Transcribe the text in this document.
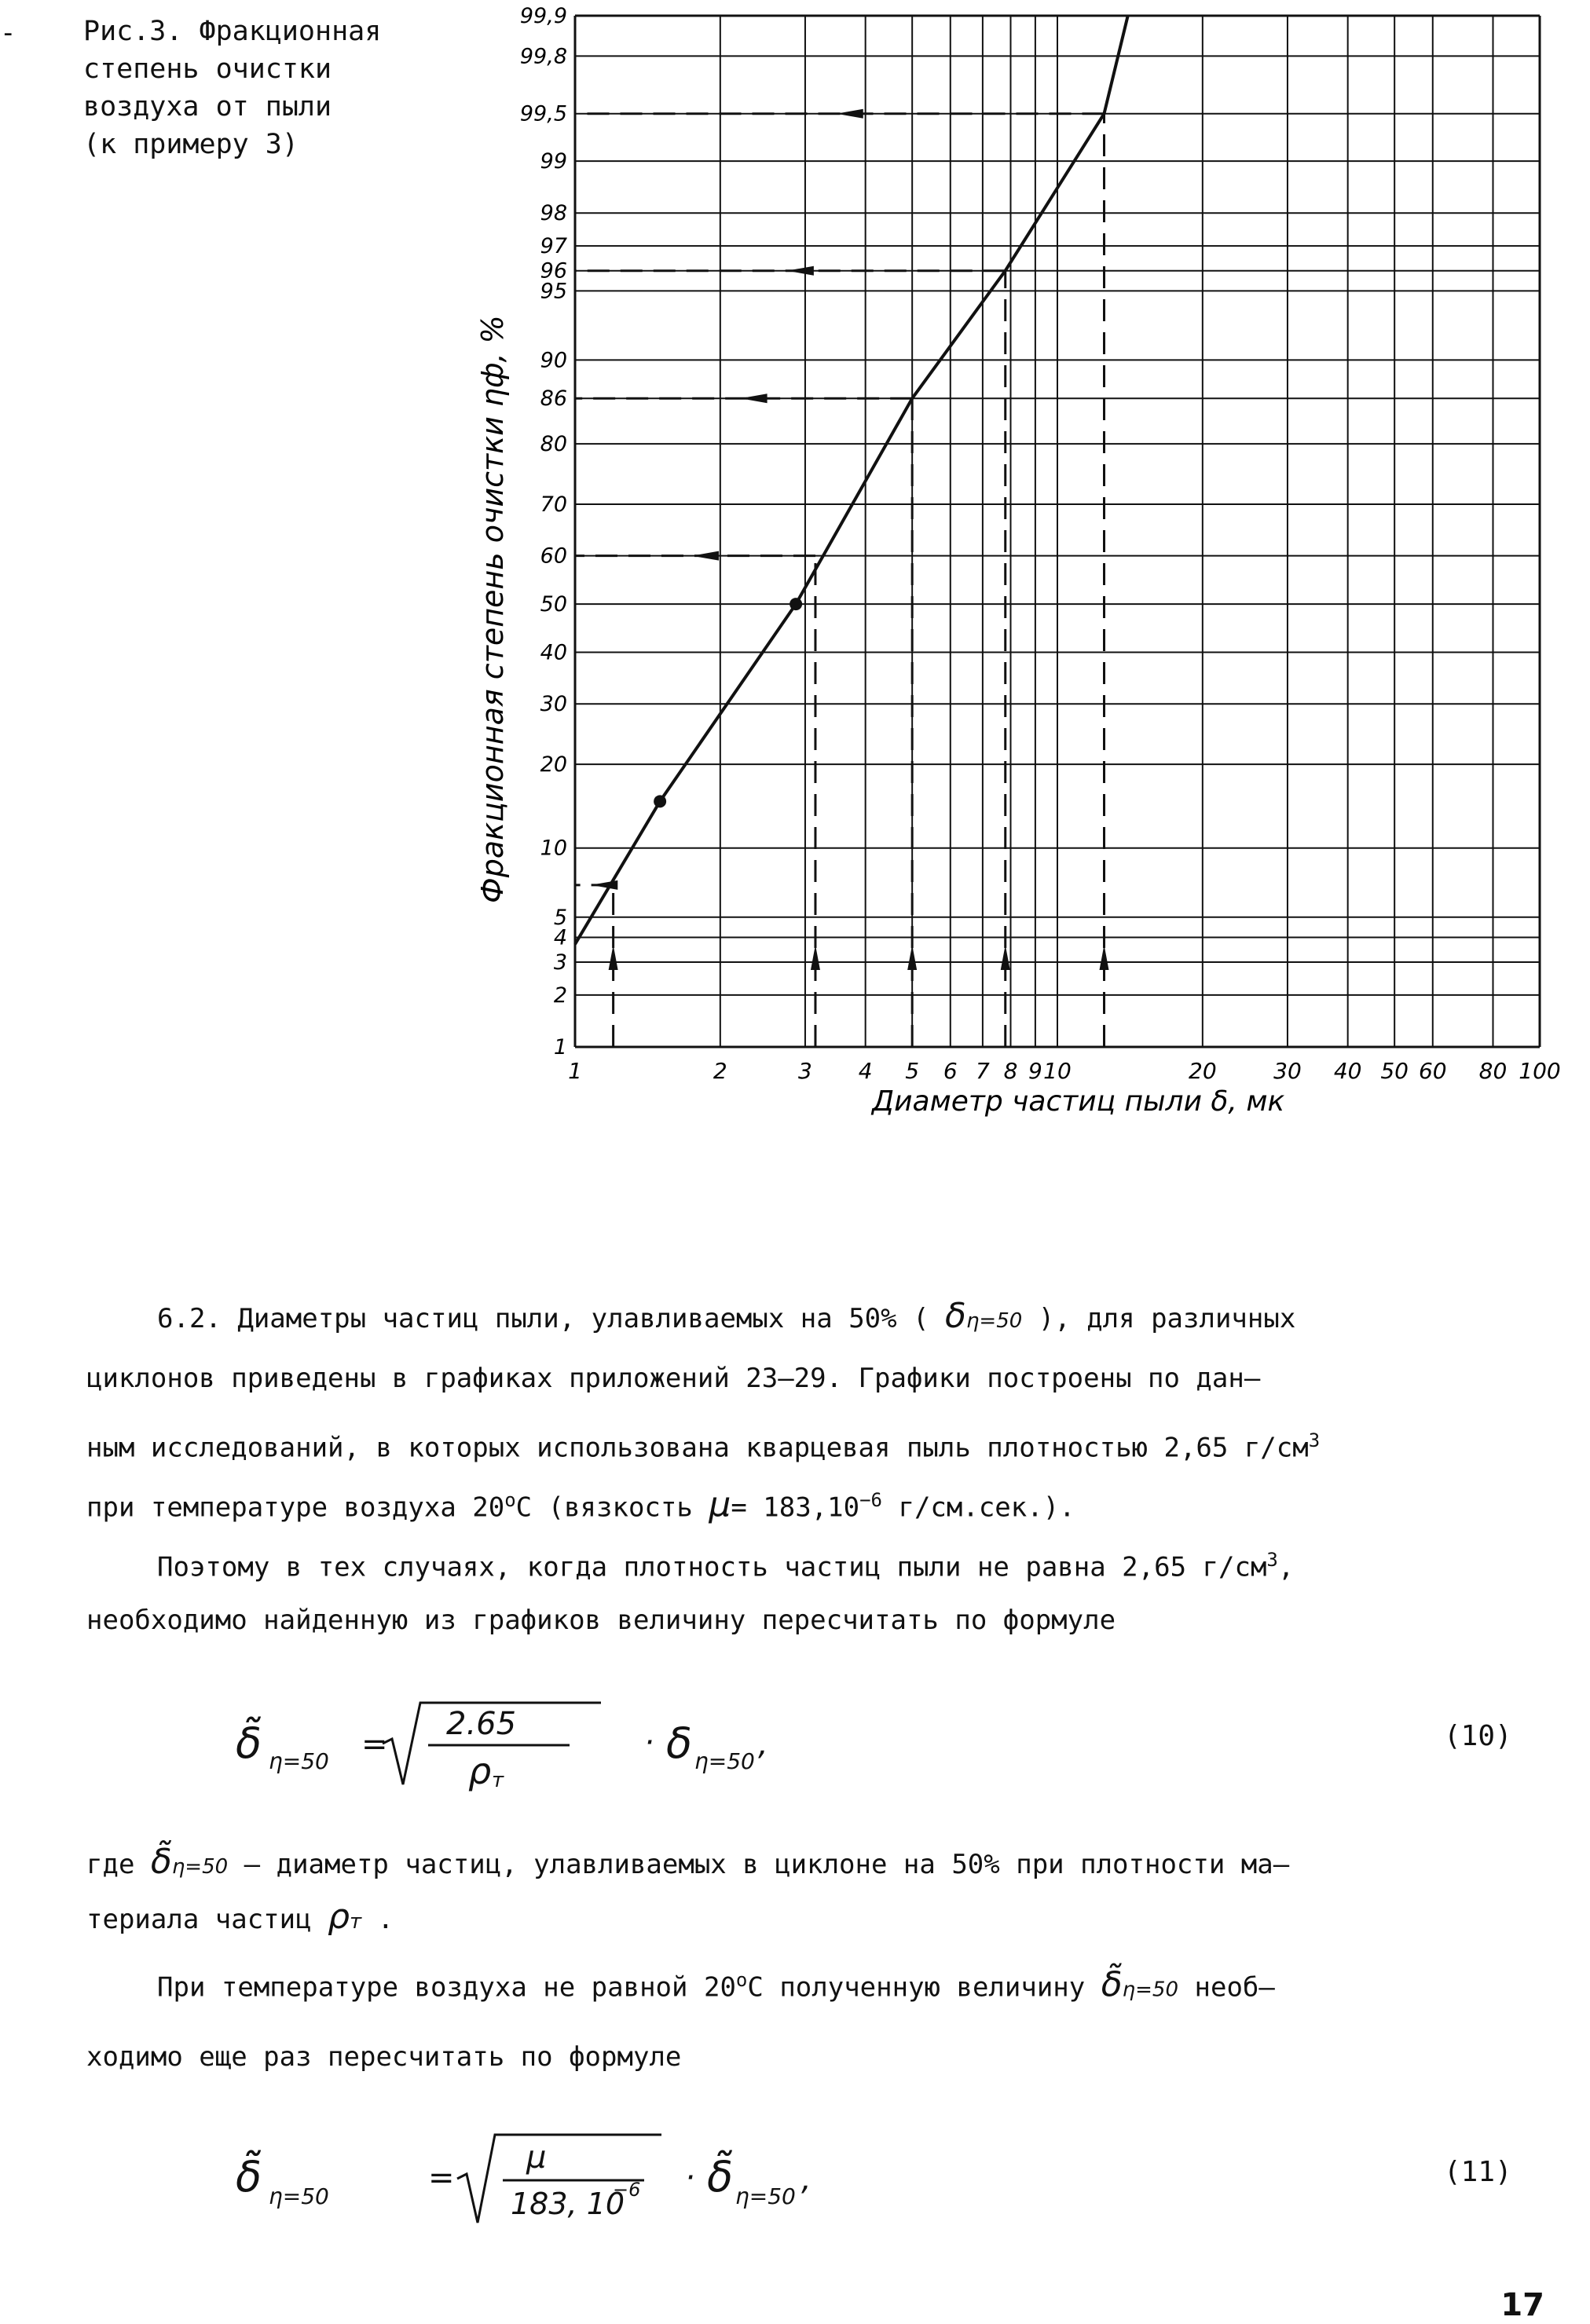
- Рис.3. Фракционная
степень очистки
воздуха от пыли
(к примеру 3)
1	2	3 4 5 6 7 8 9 10	20	30 40 50 60 80 100
1
2
3
4
5
10
20
30
40
50
60
70
80
86
90
95
96
97
98
99
99,5
99,8
99,9
Диаметр частиц пыли δ, мк
Фракционная степень очистки ηф, %
6.2. Диаметры частиц пыли, улавливаемых на 50% ( δη=50 ), для различных
циклонов приведены в графиках приложений 23–29. Графики построены по дан–
ным исследований, в которых использована кварцевая пыль плотностью 2,65 $г/см^3$
при температуре воздуха $20^оС$ (вязкость $\mu= 183,10^{-6}$ г/см.сек.).
Поэтому в тех случаях, когда плотность частиц пыли не равна 2,65 $г/см^3$,
необходимо найденную из графиков величину пересчитать по формуле
δ̃ η=50 =
2.65
ρ т
· δ η=50 ,	(10)
где δ̃η=50 – диаметр частиц, улавливаемых в циклоне на 50% при плотности ма–
териала частиц ρт .
При температуре воздуха не равной $20^оС$ полученную величину δ̃η=50 необ–
ходимо еще раз пересчитать по формуле
δ̃̃ η=50
=
μ
183, 10
−6 · δ̃ η=50 ,	(11)
17
